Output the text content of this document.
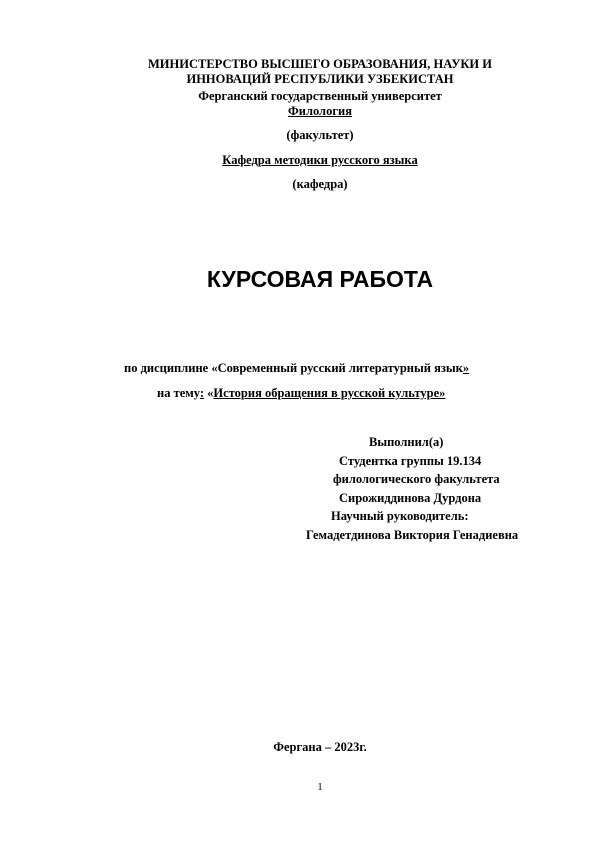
МИНИСТЕРСТВО ВЫСШЕГО ОБРАЗОВАНИЯ, НАУКИ И
ИННОВАЦИЙ РЕСПУБЛИКИ УЗБЕКИСТАН
Ферганский государственный университет
Филология
(факультет)
Кафедра методики русского языка
(кафедра)
КУРСОВАЯ РАБОТА
по дисциплине «Современный русский литературный язык»
на тему: «История обращения в русской культуре»
Выполнил(а)
Студентка группы 19.134
филологического факультета
Сирожиддинова Дурдона
Научный руководитель:
Гемадетдинова Виктория Генадиевна
Фергана – 2023г.
1
